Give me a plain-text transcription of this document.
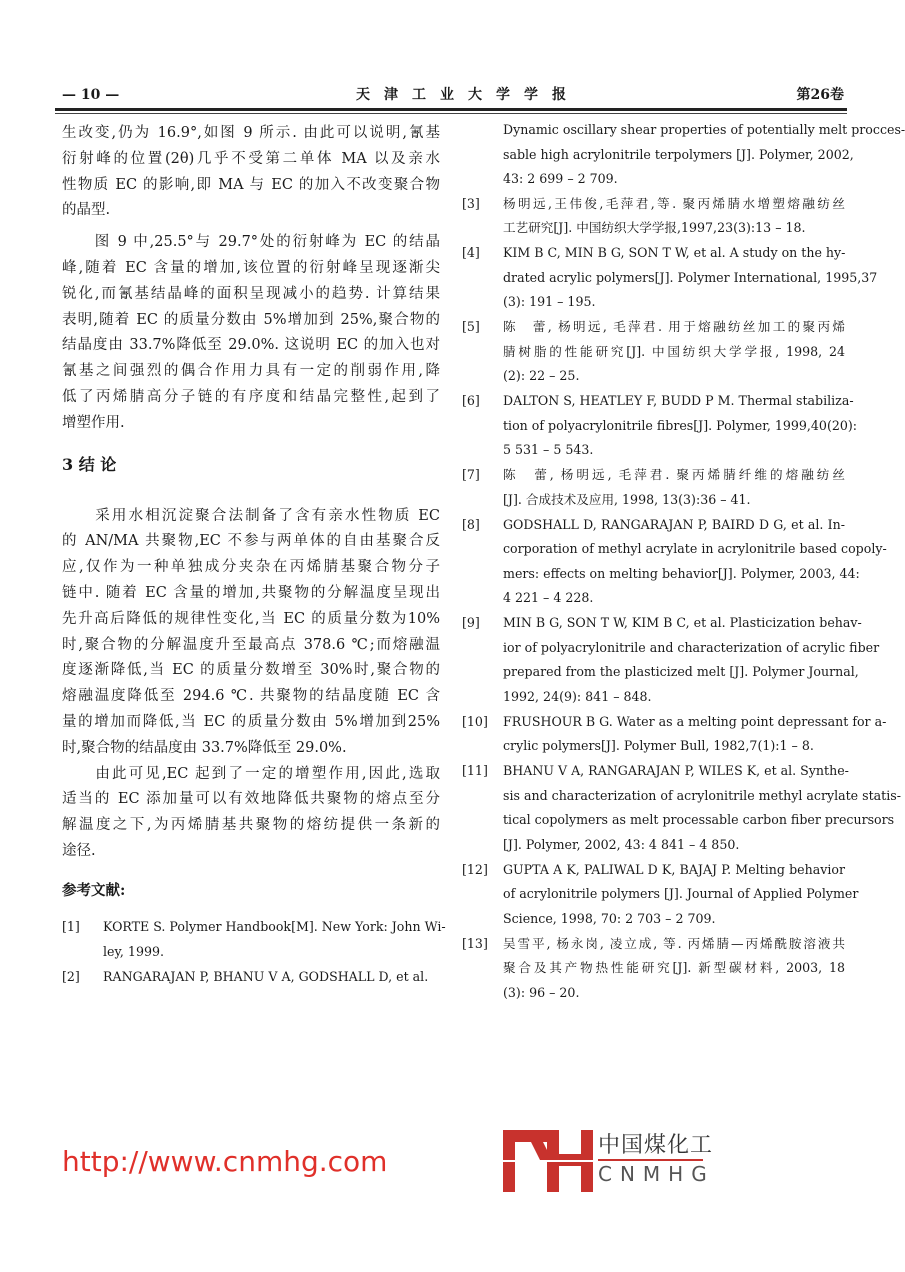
— 10 —	天津工业大学学报	第26卷
生改变,仍为 16.9°,如图 9 所示. 由此可以说明,氰基
衍射峰的位置(2θ)几乎不受第二单体 MA 以及亲水
性物质 EC 的影响,即 MA 与 EC 的加入不改变聚合物
的晶型.
　　图 9 中,25.5°与 29.7°处的衍射峰为 EC 的结晶
峰,随着 EC 含量的增加,该位置的衍射峰呈现逐渐尖
锐化,而氰基结晶峰的面积呈现减小的趋势. 计算结果
表明,随着 EC 的质量分数由 5%增加到 25%,聚合物的
结晶度由 33.7%降低至 29.0%. 这说明 EC 的加入也对
氰基之间强烈的偶合作用力具有一定的削弱作用,降
低了丙烯腈高分子链的有序度和结晶完整性,起到了
增塑作用.
3 结 论
　　采用水相沉淀聚合法制备了含有亲水性物质 EC
的 AN/MA 共聚物,EC 不参与两单体的自由基聚合反
应,仅作为一种单独成分夹杂在丙烯腈基聚合物分子
链中. 随着 EC 含量的增加,共聚物的分解温度呈现出
先升高后降低的规律性变化,当 EC 的质量分数为10%
时,聚合物的分解温度升至最高点 378.6 ℃;而熔融温
度逐渐降低,当 EC 的质量分数增至 30%时,聚合物的
熔融温度降低至 294.6 ℃. 共聚物的结晶度随 EC 含
量的增加而降低,当 EC 的质量分数由 5%增加到25%
时,聚合物的结晶度由 33.7%降低至 29.0%.
　　由此可见,EC 起到了一定的增塑作用,因此,选取
适当的 EC 添加量可以有效地降低共聚物的熔点至分
解温度之下,为丙烯腈基共聚物的熔纺提供一条新的
途径.
参考文献:
[1] KORTE S. Polymer Handbook[M]. New York: John Wi-
ley, 1999.
[2] RANGARAJAN P, BHANU V A, GODSHALL D, et al.
Dynamic oscillary shear properties of potentially melt procces-
sable high acrylonitrile terpolymers [J]. Polymer, 2002,
43: 2 699 – 2 709.
[3] 杨明远,王伟俊,毛萍君,等. 聚丙烯腈水增塑熔融纺丝
工艺研究[J]. 中国纺织大学学报,1997,23(3):13 – 18.
[4] KIM B C, MIN B G, SON T W, et al. A study on the hy-
drated acrylic polymers[J]. Polymer International, 1995,37
(3): 191 – 195.
[5] 陈　蕾, 杨明远, 毛萍君. 用于熔融纺丝加工的聚丙烯
腈树脂的性能研究[J]. 中国纺织大学学报, 1998, 24
(2): 22 – 25.
[6] DALTON S, HEATLEY F, BUDD P M. Thermal stabiliza-
tion of polyacrylonitrile fibres[J]. Polymer, 1999,40(20):
5 531 – 5 543.
[7] 陈　蕾, 杨明远, 毛萍君. 聚丙烯腈纤维的熔融纺丝
[J]. 合成技术及应用, 1998, 13(3):36 – 41.
[8] GODSHALL D, RANGARAJAN P, BAIRD D G, et al. In-
corporation of methyl acrylate in acrylonitrile based copoly-
mers: effects on melting behavior[J]. Polymer, 2003, 44:
4 221 – 4 228.
[9] MIN B G, SON T W, KIM B C, et al. Plasticization behav-
ior of polyacrylonitrile and characterization of acrylic fiber
prepared from the plasticized melt [J]. Polymer Journal,
1992, 24(9): 841 – 848.
[10] FRUSHOUR B G. Water as a melting point depressant for a-
crylic polymers[J]. Polymer Bull, 1982,7(1):1 – 8.
[11] BHANU V A, RANGARAJAN P, WILES K, et al. Synthe-
sis and characterization of acrylonitrile methyl acrylate statis-
tical copolymers as melt processable carbon fiber precursors
[J]. Polymer, 2002, 43: 4 841 – 4 850.
[12] GUPTA A K, PALIWAL D K, BAJAJ P. Melting behavior
of acrylonitrile polymers [J]. Journal of Applied Polymer
Science, 1998, 70: 2 703 – 2 709.
[13] 吴雪平, 杨永岗, 凌立成, 等. 丙烯腈—丙烯酰胺溶液共
聚合及其产物热性能研究[J]. 新型碳材料, 2003, 18
(3): 96 – 20.
http://www.cnmhg.com	中国煤化工
CNMHG
